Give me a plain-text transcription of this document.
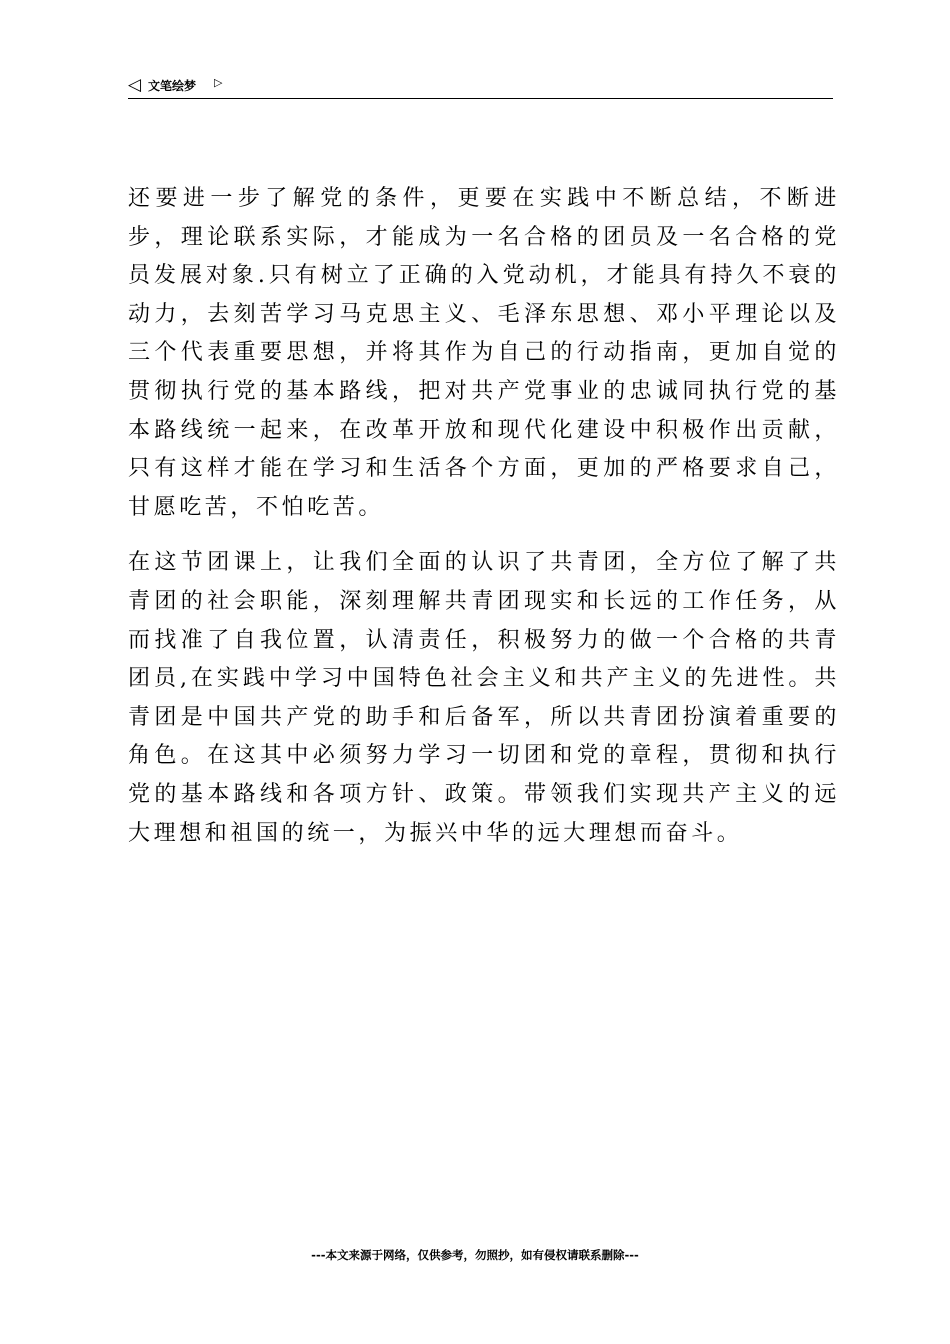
◁ 文笔绘梦 ▷

还要进一步了解党的条件，更要在实践中不断总结，不断进步，理论联系实际，才能成为一名合格的团员及一名合格的党员发展对象.只有树立了正确的入党动机，才能具有持久不衰的动力，去刻苦学习马克思主义、毛泽东思想、邓小平理论以及三个代表重要思想，并将其作为自己的行动指南，更加自觉的贯彻执行党的基本路线，把对共产党事业的忠诚同执行党的基本路线统一起来，在改革开放和现代化建设中积极作出贡献，只有这样才能在学习和生活各个方面，更加的严格要求自己，甘愿吃苦，不怕吃苦。

在这节团课上，让我们全面的认识了共青团，全方位了解了共青团的社会职能，深刻理解共青团现实和长远的工作任务，从而找准了自我位置，认清责任，积极努力的做一个合格的共青团员,在实践中学习中国特色社会主义和共产主义的先进性。共青团是中国共产党的助手和后备军，所以共青团扮演着重要的角色。在这其中必须努力学习一切团和党的章程，贯彻和执行党的基本路线和各项方针、政策。带领我们实现共产主义的远大理想和祖国的统一，为振兴中华的远大理想而奋斗。

---本文来源于网络，仅供参考，勿照抄，如有侵权请联系删除---
